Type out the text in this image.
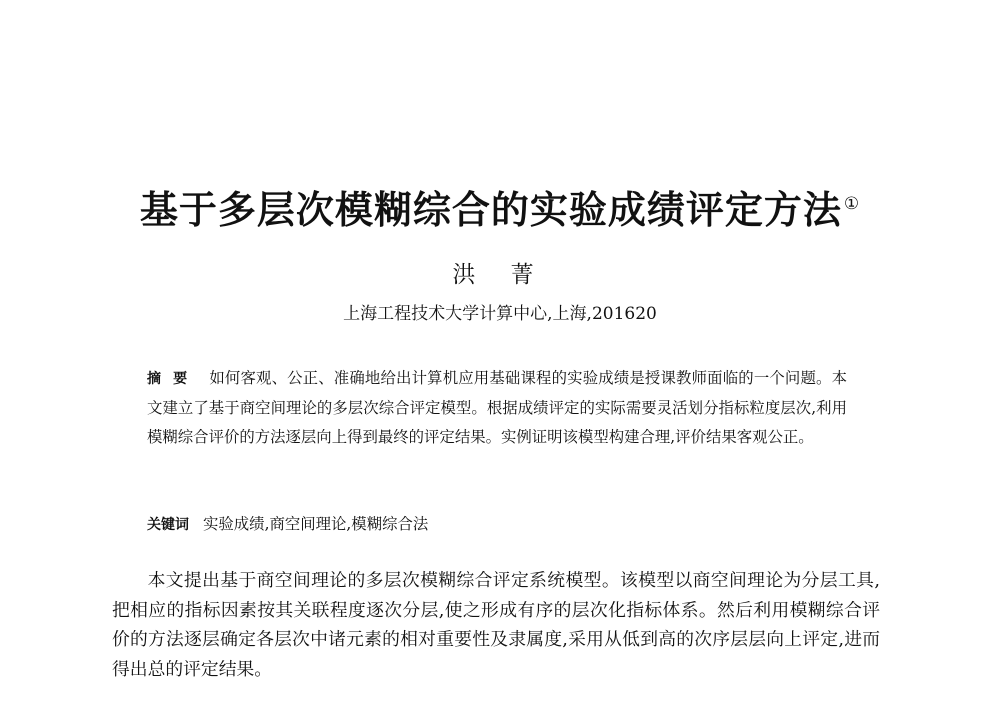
基于多层次模糊综合的实验成绩评定方法 ①
洪 菁
上海工程技术大学计算中心,上海,201620
摘要 如何客观、公正、准确地给出计算机应用基础课程的实验成绩是授课教师面临的一个问题。本文建立了基于商空间理论的多层次综合评定模型。根据成绩评定的实际需要灵活划分指标粒度层次,利用模糊综合评价的方法逐层向上得到最终的评定结果。实例证明该模型构建合理,评价结果客观公正。
关键词 实验成绩,商空间理论,模糊综合法
本文提出基于商空间理论的多层次模糊综合评定系统模型。该模型以商空间理论为分层工具,把相应的指标因素按其关联程度逐次分层,使之形成有序的层次化指标体系。然后利用模糊综合评价的方法逐层确定各层次中诸元素的相对重要性及隶属度,采用从低到高的次序层层向上评定,进而得出总的评定结果。
